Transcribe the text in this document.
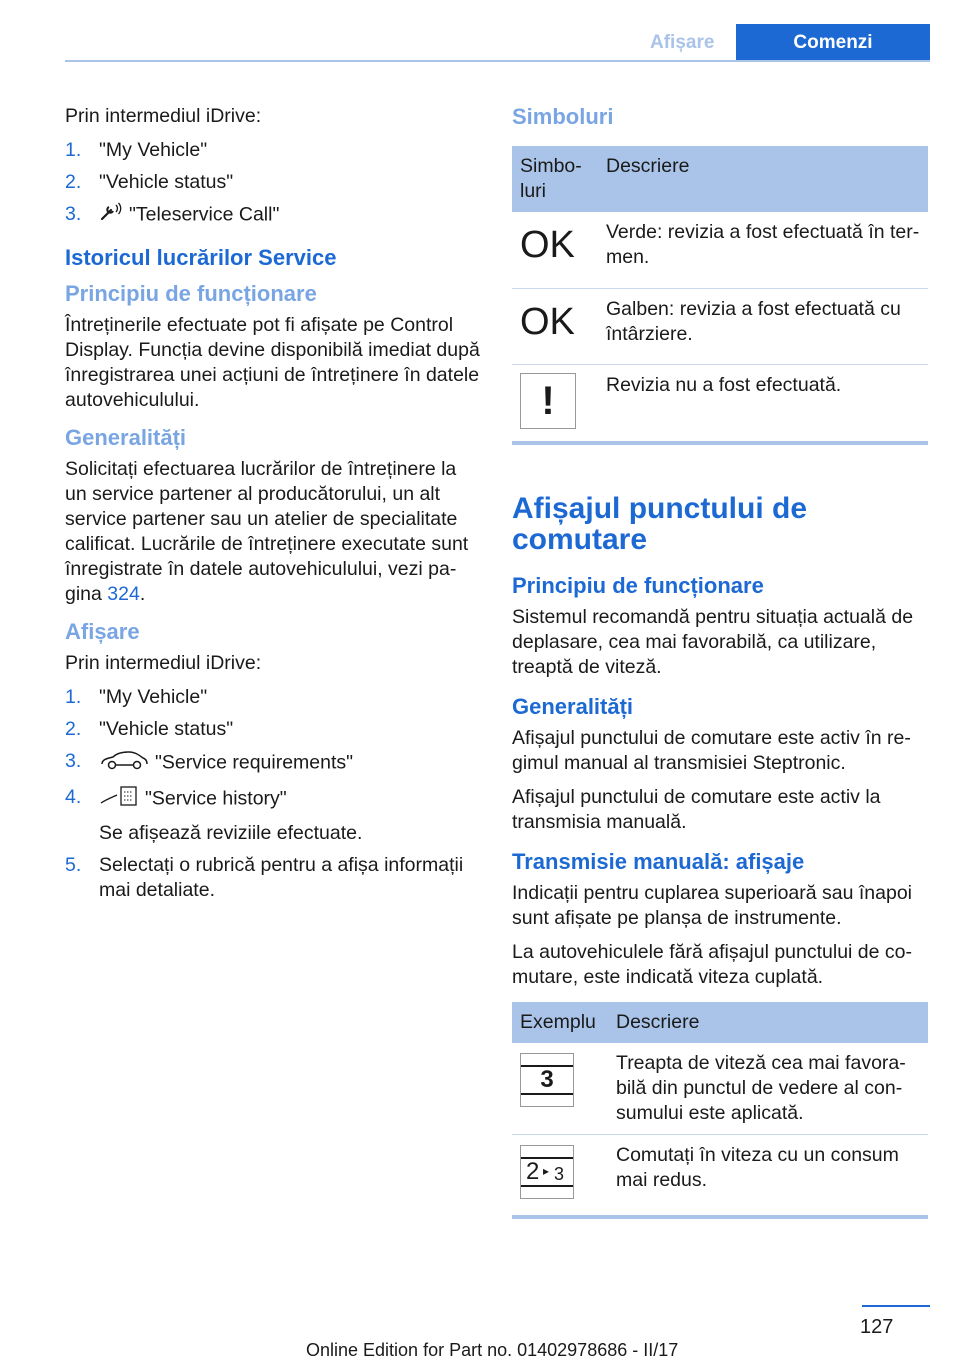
Afișare	Comenzi

Prin intermediul iDrive:

1. "My Vehicle"
2. "Vehicle status"
3. "Teleservice Call"
Istoricul lucrărilor Service
Principiu de funcționare

Întreținerile efectuate pot fi afișate pe Control Display. Funcția devine disponibilă imediat după înregistrarea unei acțiuni de întreținere în datele autovehiculului.

Generalități

Solicitați efectuarea lucrărilor de întreținere la un service partener al producătorului, un alt service partener sau un atelier de specialitate calificat. Lucrările de întreținere executate sunt înregistrate în datele autovehiculului, vezi pagina 324.

Afișare

Prin intermediul iDrive:

1. "My Vehicle"
2. "Vehicle status"
3.	"Service requirements"
4.	"Service history"
Se afișează reviziile efectuate.
5. Selectați o rubrică pentru a afișa informații mai detaliate.
Simboluri
Simbo-
luri	Descriere
OK	Verde: revizia a fost efectuată în termen.
OK	Galben: revizia a fost efectuată cu întârziere.
!	Revizia nu a fost efectuată.
Afișajul punctului de comutare
Principiu de funcționare

Sistemul recomandă pentru situația actuală de deplasare, cea mai favorabilă, ca utilizare, treaptă de viteză.

Generalități

Afișajul punctului de comutare este activ în regimul manual al transmisiei Steptronic.

Afișajul punctului de comutare este activ la transmisia manuală.

Transmisie manuală: afișaje

Indicații pentru cuplarea superioară sau înapoi sunt afișate pe planșa de instrumente.

La autovehiculele fără afișajul punctului de comutare, este indicată viteza cuplată.

Exemplu	Descriere

3	Treapta de viteză cea mai favorabilă din punctul de vedere al consumului este aplicată.

2 ▸ 3	Comutați în viteza cu un consum mai redus.
127
Online Edition for Part no. 01402978686 - II/17
